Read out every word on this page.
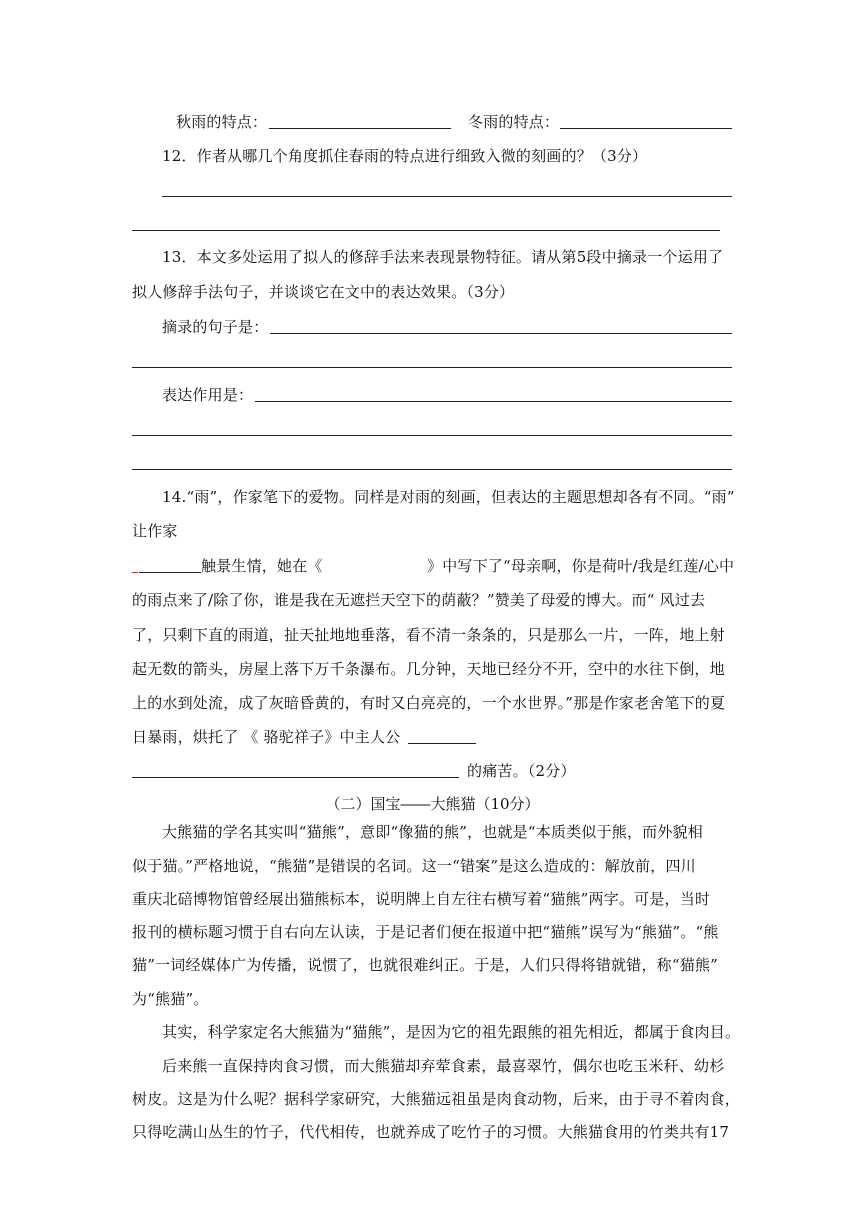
秋雨的特点：	冬雨的特点：
12．作者从哪几个角度抓住春雨的特点进行细致入微的刻画的？（3分）
13．本文多处运用了拟人的修辞手法来表现景物特征。请从第5段中摘录一个运用了
拟人修辞手法句子，并谈谈它在文中的表达效果。（3分）
摘录的句子是：
表达作用是：
14.“雨”，作家笔下的爱物。同样是对雨的刻画，但表达的主题思想却各有不同。“雨”
让作家
触景生情，她在《	》中写下了“母亲啊，你是荷叶/我是红莲/心中
的雨点来了/除了你，谁是我在无遮拦天空下的荫蔽？”赞美了母爱的博大。而“ 风过去
了，只剩下直的雨道，扯天扯地地垂落，看不清一条条的，只是那么一片，一阵，地上射
起无数的箭头，房屋上落下万千条瀑布。几分钟，天地已经分不开，空中的水往下倒，地
上的水到处流，成了灰暗昏黄的，有时又白亮亮的，一个水世界。”那是作家老舍笔下的夏
日暴雨，烘托了 《 骆驼祥子》中主人公
的痛苦。（2分）
（二）国宝――大熊猫（10分）
大熊猫的学名其实叫“猫熊”，意即“像猫的熊”，也就是“本质类似于熊，而外貌相
似于猫。”严格地说，“熊猫”是错误的名词。这一“错案”是这么造成的：解放前，四川
重庆北碚博物馆曾经展出猫熊标本，说明牌上自左往右横写着“猫熊”两字。可是，当时
报刊的横标题习惯于自右向左认读，于是记者们便在报道中把“猫熊”误写为“熊猫”。“熊
猫”一词经媒体广为传播，说惯了，也就很难纠正。于是，人们只得将错就错，称“猫熊”
为“熊猫”。
其实，科学家定名大熊猫为“猫熊”，是因为它的祖先跟熊的祖先相近，都属于食肉目。
后来熊一直保持肉食习惯，而大熊猫却弃荤食素，最喜翠竹，偶尔也吃玉米秆、幼杉
树皮。这是为什么呢？据科学家研究，大熊猫远祖虽是肉食动物，后来，由于寻不着肉食，
只得吃满山丛生的竹子，代代相传，也就养成了吃竹子的习惯。大熊猫食用的竹类共有17
